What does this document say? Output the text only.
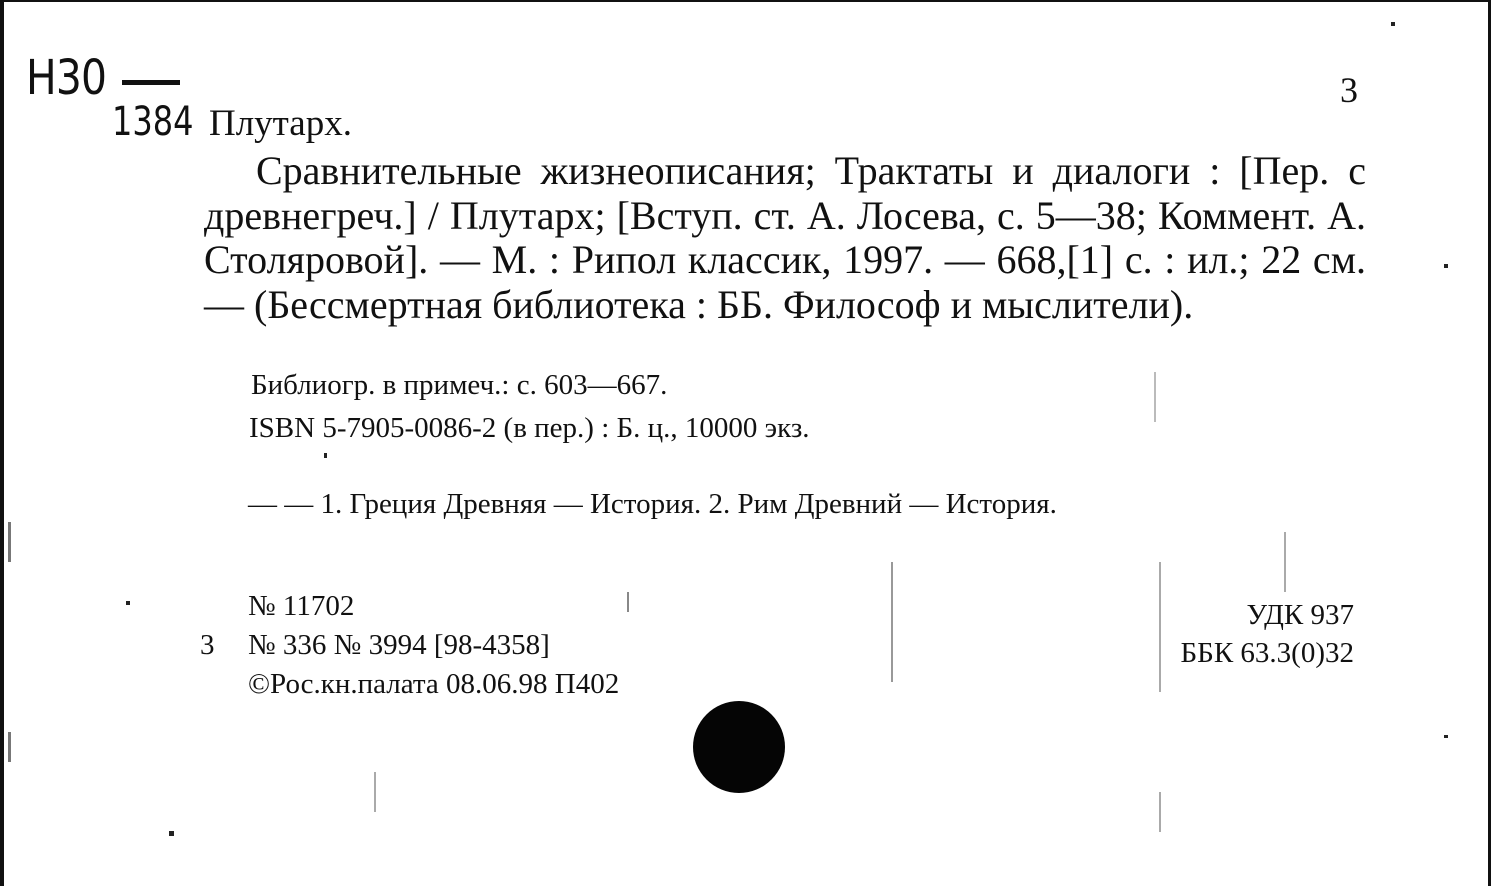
Н30
1384
3
Плутарх.
Сравнительные жизнеописания; Трактаты и диалоги : [Пер. с древнегреч.] / Плутарх; [Вступ. ст. А. Лосева, с. 5—38; Коммент. А. Столяровой]. — М. : Рипол классик, 1997. — 668,[1] с. : ил.; 22 см. — (Бессмертная библиотека : ББ. Философ и мыслители).
Библиогр. в примеч.: с. 603—667.
ISBN 5-7905-0086-2 (в пер.) : Б. ц., 10000 экз.
— — 1. Греция Древняя — История. 2. Рим Древний — История.
№ 11702
3 № 336 № 3994 [98-4358]
©Рос.кн.палата 08.06.98 П402
УДК 937
ББК 63.3(0)32
